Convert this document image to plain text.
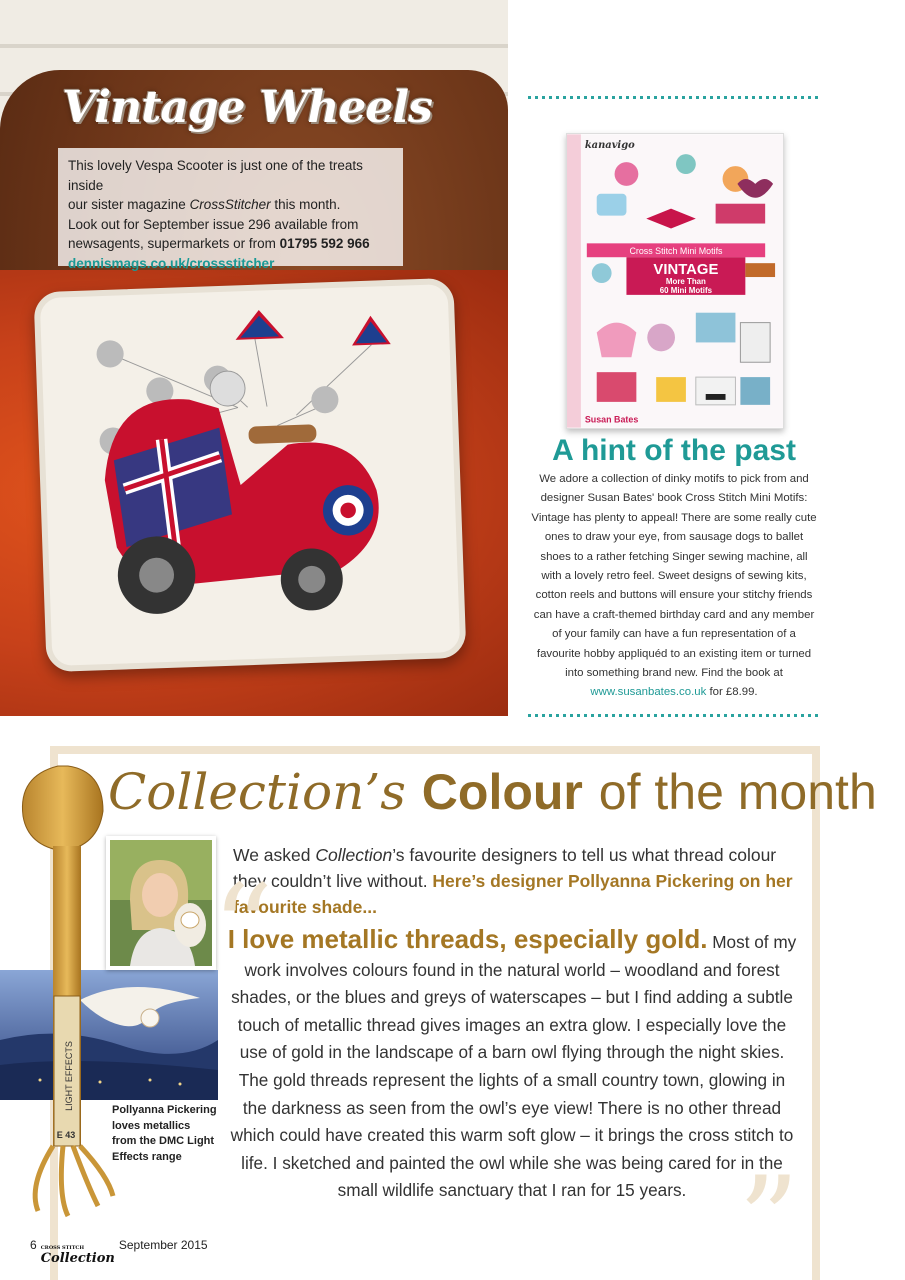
Vintage Wheels
This lovely Vespa Scooter is just one of the treats inside
our sister magazine CrossStitcher this month.
Look out for September issue 296 available from
newsagents, supermarkets or from 01795 592 966
dennismags.co.uk/crossstitcher
kanavigo
Cross Stitch Mini Motifs
VINTAGE
More Than
60 Mini Motifs
Susan Bates
A hint of the past
We adore a collection of dinky motifs to pick from and
designer Susan Bates' book Cross Stitch Mini Motifs:
Vintage has plenty to appeal! There are some really cute
ones to draw your eye, from sausage dogs to ballet
shoes to a rather fetching Singer sewing machine, all
with a lovely retro feel. Sweet designs of sewing kits,
cotton reels and buttons will ensure your stitchy friends
can have a craft-themed birthday card and any member
of your family can have a fun representation of a
favourite hobby appliquéd to an existing item or turned
into something brand new. Find the book at
www.susanbates.co.uk for £8.99.
Collection’s Colour of the month
LIGHT EFFECTS
E 43
Pollyanna Pickering loves metallics from the DMC Light Effects range
We asked Collection’s favourite designers to tell us what thread colour they couldn’t live without. Here’s designer Pollyanna Pickering on her favourite shade...
“
”
I love metallic threads, especially gold. Most of my work involves colours found in the natural world – woodland and forest shades, or the blues and greys of waterscapes – but I find adding a subtle touch of metallic thread gives images an extra glow. I especially love the use of gold in the landscape of a barn owl flying through the night skies. The gold threads represent the lights of a small country town, glowing in the darkness as seen from the owl’s eye view! There is no other thread which could have created this warm soft glow – it brings the cross stitch to life. I sketched and painted the owl while she was being cared for in the small wildlife sanctuary that I ran for 15 years.
6 CROSS STITCH
Collection
September 2015
